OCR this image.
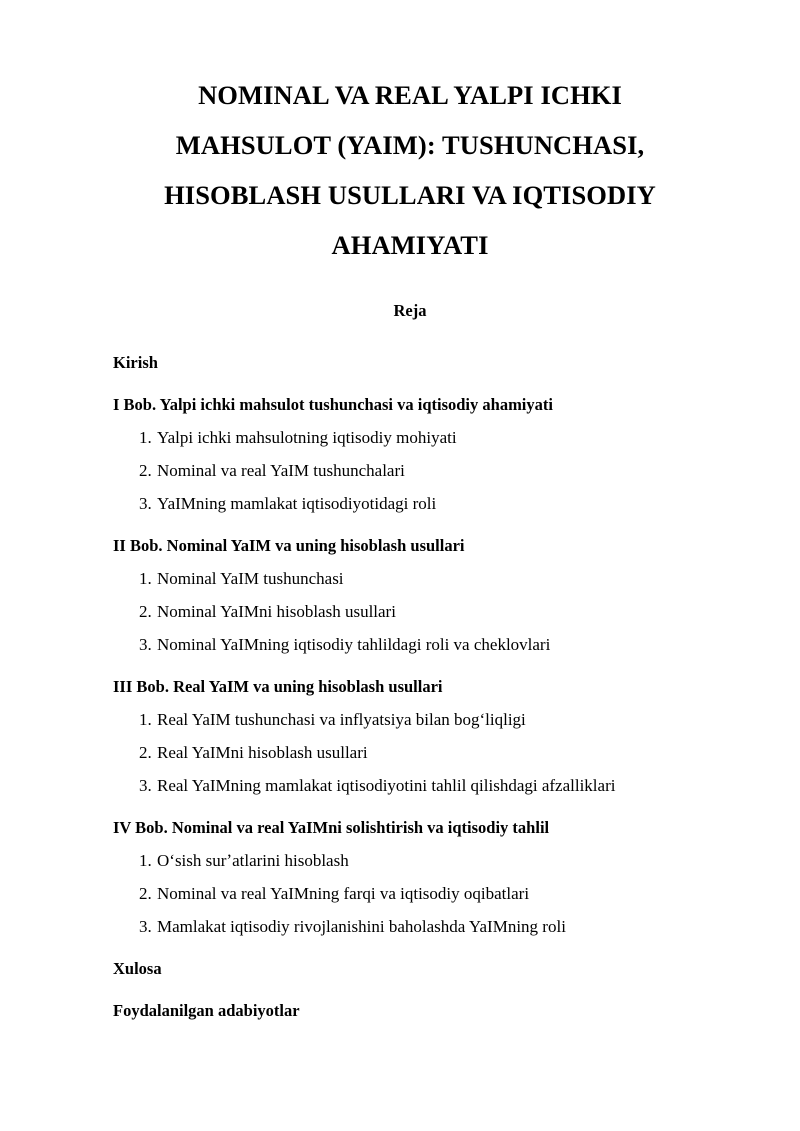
NOMINAL VA REAL YALPI ICHKI
MAHSULOT (YAIM): TUSHUNCHASI,
HISOBLASH USULLARI VA IQTISODIY
AHAMIYATI
Reja
Kirish
I Bob. Yalpi ichki mahsulot tushunchasi va iqtisodiy ahamiyati
1. Yalpi ichki mahsulotning iqtisodiy mohiyati
2. Nominal va real YaIM tushunchalari
3. YaIMning mamlakat iqtisodiyotidagi roli
II Bob. Nominal YaIM va uning hisoblash usullari
1. Nominal YaIM tushunchasi
2. Nominal YaIMni hisoblash usullari
3. Nominal YaIMning iqtisodiy tahlildagi roli va cheklovlari
III Bob. Real YaIM va uning hisoblash usullari
1. Real YaIM tushunchasi va inflyatsiya bilan bogʻliqligi
2. Real YaIMni hisoblash usullari
3. Real YaIMning mamlakat iqtisodiyotini tahlil qilishdagi afzalliklari
IV Bob. Nominal va real YaIMni solishtirish va iqtisodiy tahlil
1. Oʻsish surʼatlarini hisoblash
2. Nominal va real YaIMning farqi va iqtisodiy oqibatlari
3. Mamlakat iqtisodiy rivojlanishini baholashda YaIMning roli
Xulosa
Foydalanilgan adabiyotlar
